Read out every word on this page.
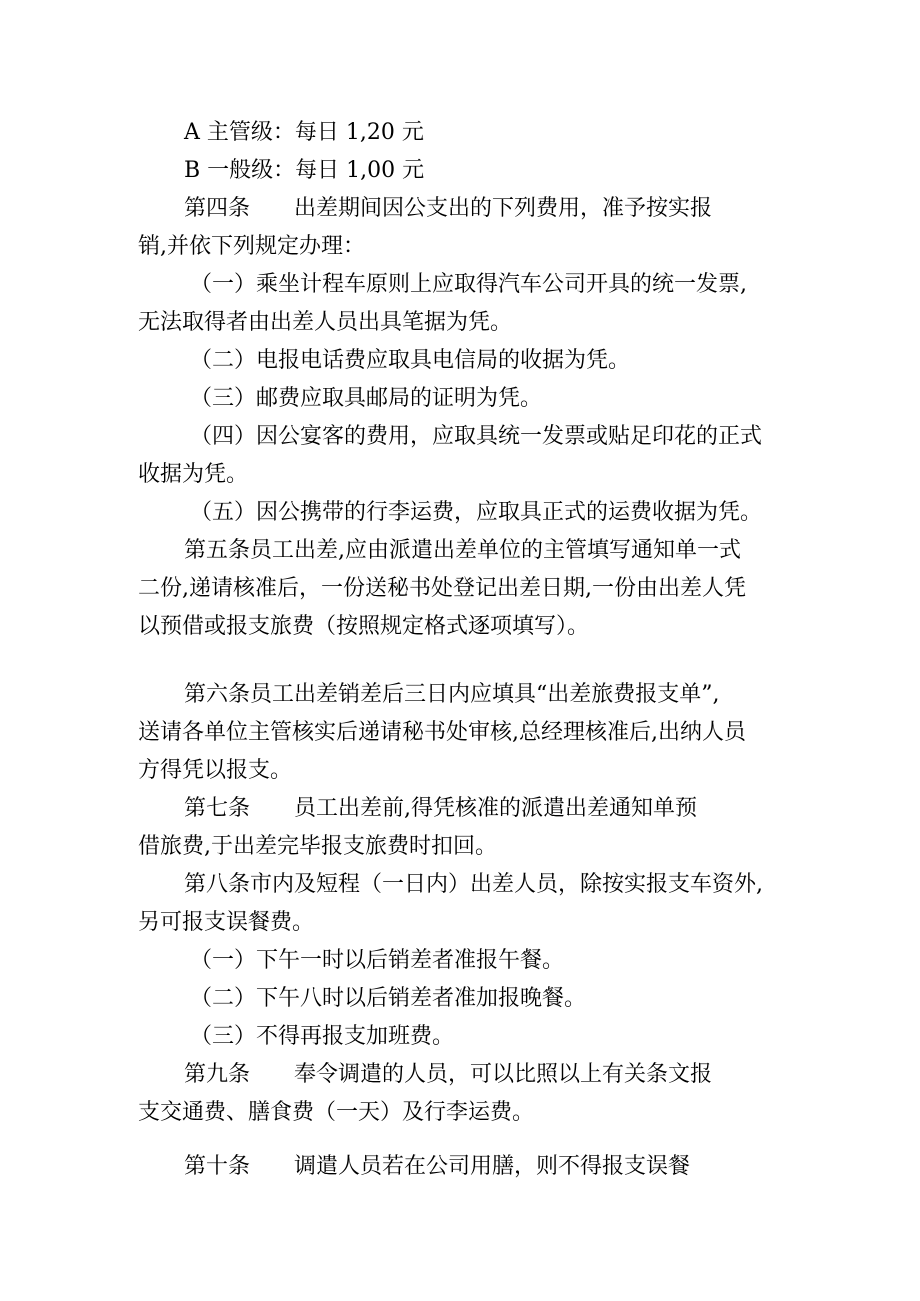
A 主管级：每日 1,20 元
B 一般级：每日 1,00 元
第四条　　出差期间因公支出的下列费用，准予按实报
销,并依下列规定办理：
（一）乘坐计程车原则上应取得汽车公司开具的统一发票,
无法取得者由出差人员出具笔据为凭。
（二）电报电话费应取具电信局的收据为凭。
（三）邮费应取具邮局的证明为凭。
（四）因公宴客的费用，应取具统一发票或贴足印花的正式
收据为凭。
（五）因公携带的行李运费，应取具正式的运费收据为凭。
第五条员工出差,应由派遣出差单位的主管填写通知单一式
二份,递请核准后，一份送秘书处登记出差日期,一份由出差人凭
以预借或报支旅费（按照规定格式逐项填写）。
第六条员工出差销差后三日内应填具“出差旅费报支单”,
送请各单位主管核实后递请秘书处审核,总经理核准后,出纳人员
方得凭以报支。
第七条　　员工出差前,得凭核准的派遣出差通知单预
借旅费,于出差完毕报支旅费时扣回。
第八条市内及短程（一日内）出差人员，除按实报支车资外,
另可报支误餐费。
（一）下午一时以后销差者准报午餐。
（二）下午八时以后销差者准加报晚餐。
（三）不得再报支加班费。
第九条　　奉令调遣的人员，可以比照以上有关条文报
支交通费、膳食费（一天）及行李运费。
第十条　　调遣人员若在公司用膳，则不得报支误餐
